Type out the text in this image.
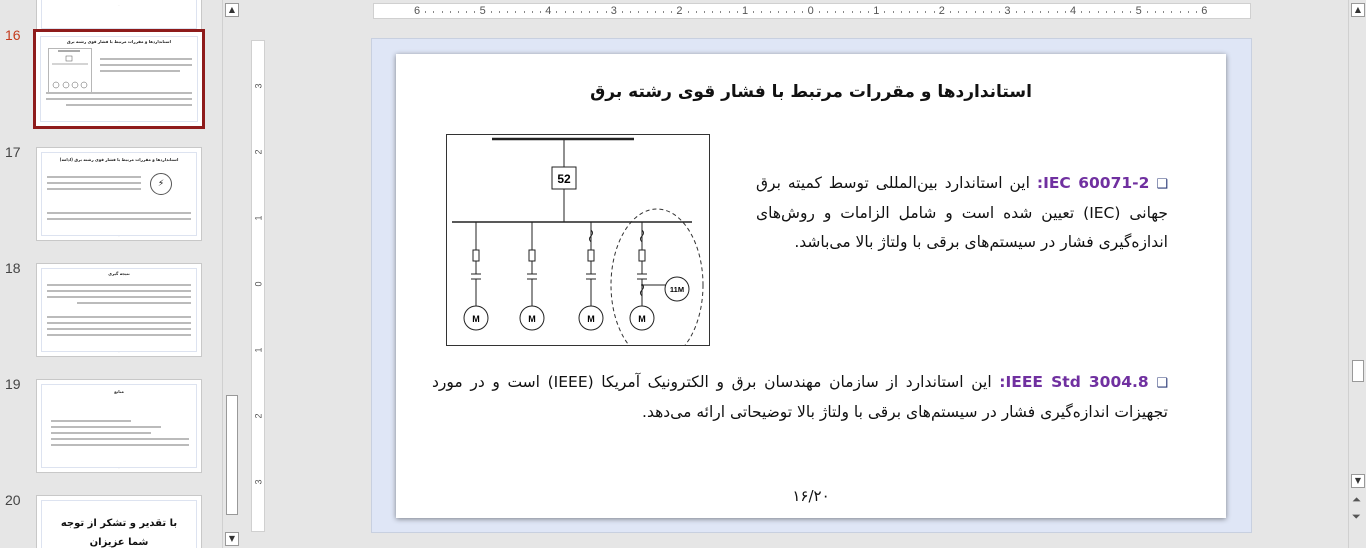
·
16	استانداردها و مقررات مرتبط با فشار قوی رشته برق
·
17	استانداردها و مقررات مرتبط با فشار قوی رشته برق (ادامه)
⚡
·
18	نتیجه گیری
·
19	منابع
·
20
با تقدیر و تشکر از توجه
شما عزیزان
▲
▼
6	5	4	3	2	1	0	1	2	3	4	5	6
3
2
1
0
1
2
3
استانداردها و مقررات مرتبط با فشار قوی رشته برق
52
M	M	M	M
11M
❑ IEC 60071-2: این استاندارد بین‌المللی توسط کمیته برق جهانی (IEC) تعیین شده است و شامل الزامات و روش‌های اندازه‌گیری فشار در سیستم‌های برقی با ولتاژ بالا می‌باشد.
❑ IEEE Std 3004.8: این استاندارد از سازمان مهندسان برق و الکترونیک آمریکا (IEEE) است و در مورد تجهیزات اندازه‌گیری فشار در سیستم‌های برقی با ولتاژ بالا توضیحاتی ارائه می‌دهد.
۱۶/۲۰
▲
▼
⏶
⏷
